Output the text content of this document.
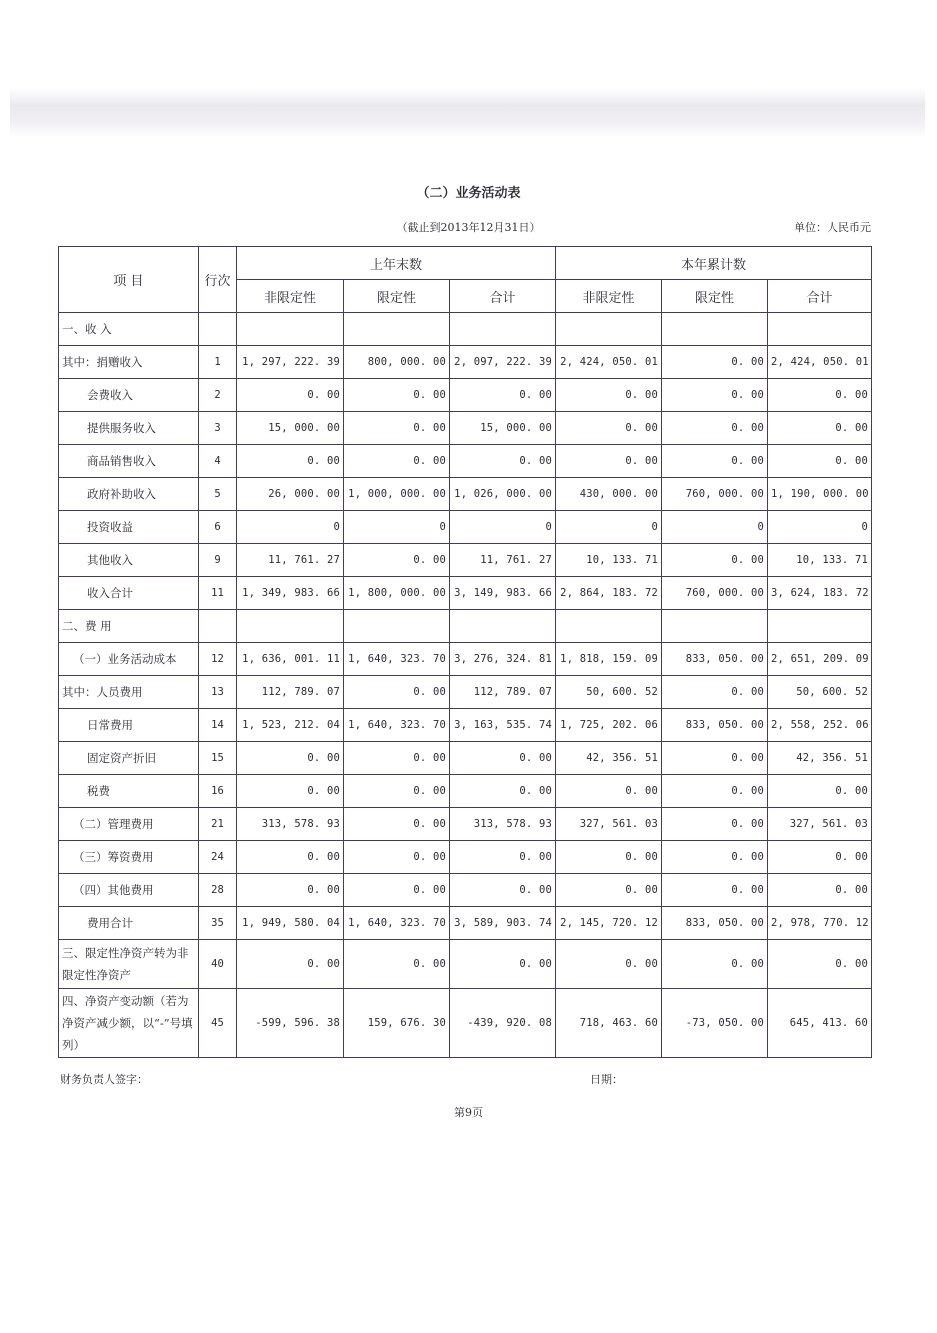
（二）业务活动表
（截止到2013年12月31日）	单位：人民币元
项 目	行次	上年末数			本年累计数		
		非限定性	限定性	合计	非限定性	限定性	合计
一、收 入							
其中：捐赠收入	1	1, 297, 222. 39	800, 000. 00	2, 097, 222. 39	2, 424, 050. 01	0. 00	2, 424, 050. 01
会费收入	2	0. 00	0. 00	0. 00	0. 00	0. 00	0. 00
提供服务收入	3	15, 000. 00	0. 00	15, 000. 00	0. 00	0. 00	0. 00
商品销售收入	4	0. 00	0. 00	0. 00	0. 00	0. 00	0. 00
政府补助收入	5	26, 000. 00	1, 000, 000. 00	1, 026, 000. 00	430, 000. 00	760, 000. 00	1, 190, 000. 00
投资收益	6	0	0	0	0	0	0
其他收入	9	11, 761. 27	0. 00	11, 761. 27	10, 133. 71	0. 00	10, 133. 71
收入合计	11	1, 349, 983. 66	1, 800, 000. 00	3, 149, 983. 66	2, 864, 183. 72	760, 000. 00	3, 624, 183. 72
二、费 用							
（一）业务活动成本	12	1, 636, 001. 11	1, 640, 323. 70	3, 276, 324. 81	1, 818, 159. 09	833, 050. 00	2, 651, 209. 09
其中：人员费用	13	112, 789. 07	0. 00	112, 789. 07	50, 600. 52	0. 00	50, 600. 52
日常费用	14	1, 523, 212. 04	1, 640, 323. 70	3, 163, 535. 74	1, 725, 202. 06	833, 050. 00	2, 558, 252. 06
固定资产折旧	15	0. 00	0. 00	0. 00	42, 356. 51	0. 00	42, 356. 51
税费	16	0. 00	0. 00	0. 00	0. 00	0. 00	0. 00
（二）管理费用	21	313, 578. 93	0. 00	313, 578. 93	327, 561. 03	0. 00	327, 561. 03
（三）筹资费用	24	0. 00	0. 00	0. 00	0. 00	0. 00	0. 00
（四）其他费用	28	0. 00	0. 00	0. 00	0. 00	0. 00	0. 00
费用合计	35	1, 949, 580. 04	1, 640, 323. 70	3, 589, 903. 74	2, 145, 720. 12	833, 050. 00	2, 978, 770. 12
三、限定性净资产转为非限定性净资产	40	0. 00	0. 00	0. 00	0. 00	0. 00	0. 00
四、净资产变动额（若为净资产减少额，以“-”号填列）	45	-599, 596. 38	159, 676. 30	-439, 920. 08	718, 463. 60	-73, 050. 00	645, 413. 60
财务负责人签字：	日期：
第9页
